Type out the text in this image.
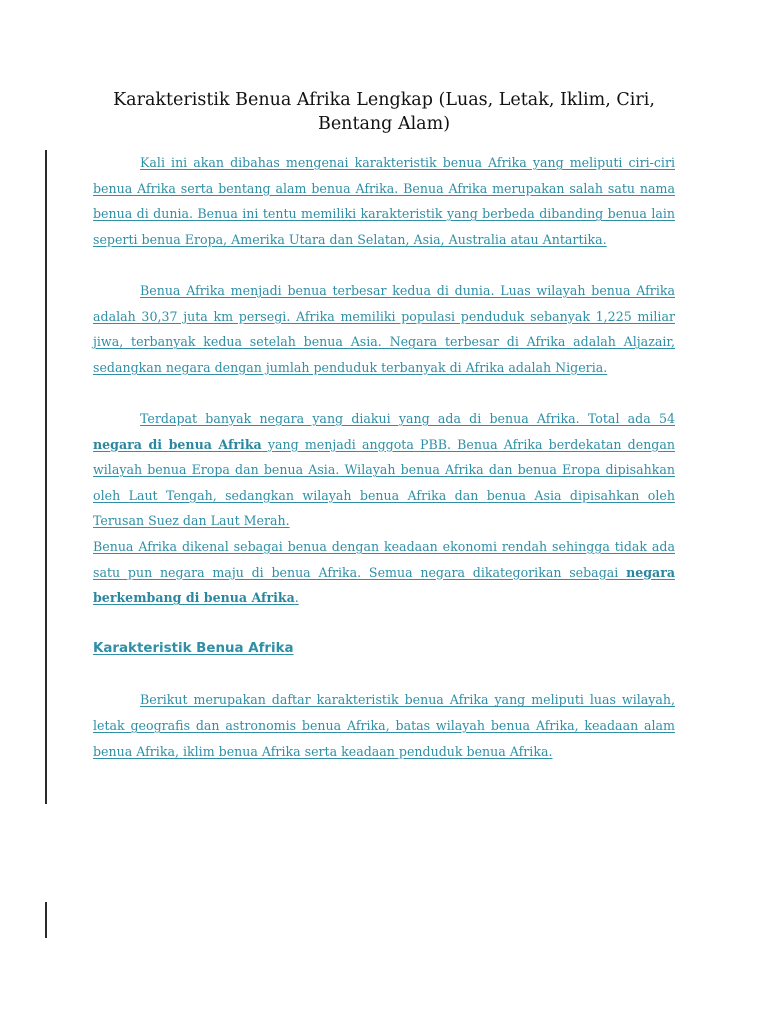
Karakteristik Benua Afrika Lengkap (Luas, Letak, Iklim, Ciri, Bentang Alam)

Kali ini akan dibahas mengenai karakteristik benua Afrika yang meliputi ciri-ciri benua Afrika serta bentang alam benua Afrika. Benua Afrika merupakan salah satu nama benua di dunia. Benua ini tentu memiliki karakteristik yang berbeda dibanding benua lain seperti benua Eropa, Amerika Utara dan Selatan, Asia, Australia atau Antartika.

Benua Afrika menjadi benua terbesar kedua di dunia. Luas wilayah benua Afrika adalah 30,37 juta km persegi. Afrika memiliki populasi penduduk sebanyak 1,225 miliar jiwa, terbanyak kedua setelah benua Asia. Negara terbesar di Afrika adalah Aljazair, sedangkan negara dengan jumlah penduduk terbanyak di Afrika adalah Nigeria.

Terdapat banyak negara yang diakui yang ada di benua Afrika. Total ada 54 negara di benua Afrika yang menjadi anggota PBB. Benua Afrika berdekatan dengan wilayah benua Eropa dan benua Asia. Wilayah benua Afrika dan benua Eropa dipisahkan oleh Laut Tengah, sedangkan wilayah benua Afrika dan benua Asia dipisahkan oleh Terusan Suez dan Laut Merah.

Benua Afrika dikenal sebagai benua dengan keadaan ekonomi rendah sehingga tidak ada satu pun negara maju di benua Afrika. Semua negara dikategorikan sebagai negara berkembang di benua Afrika.

Karakteristik Benua Afrika

Berikut merupakan daftar karakteristik benua Afrika yang meliputi luas wilayah, letak geografis dan astronomis benua Afrika, batas wilayah benua Afrika, keadaan alam benua Afrika, iklim benua Afrika serta keadaan penduduk benua Afrika.
